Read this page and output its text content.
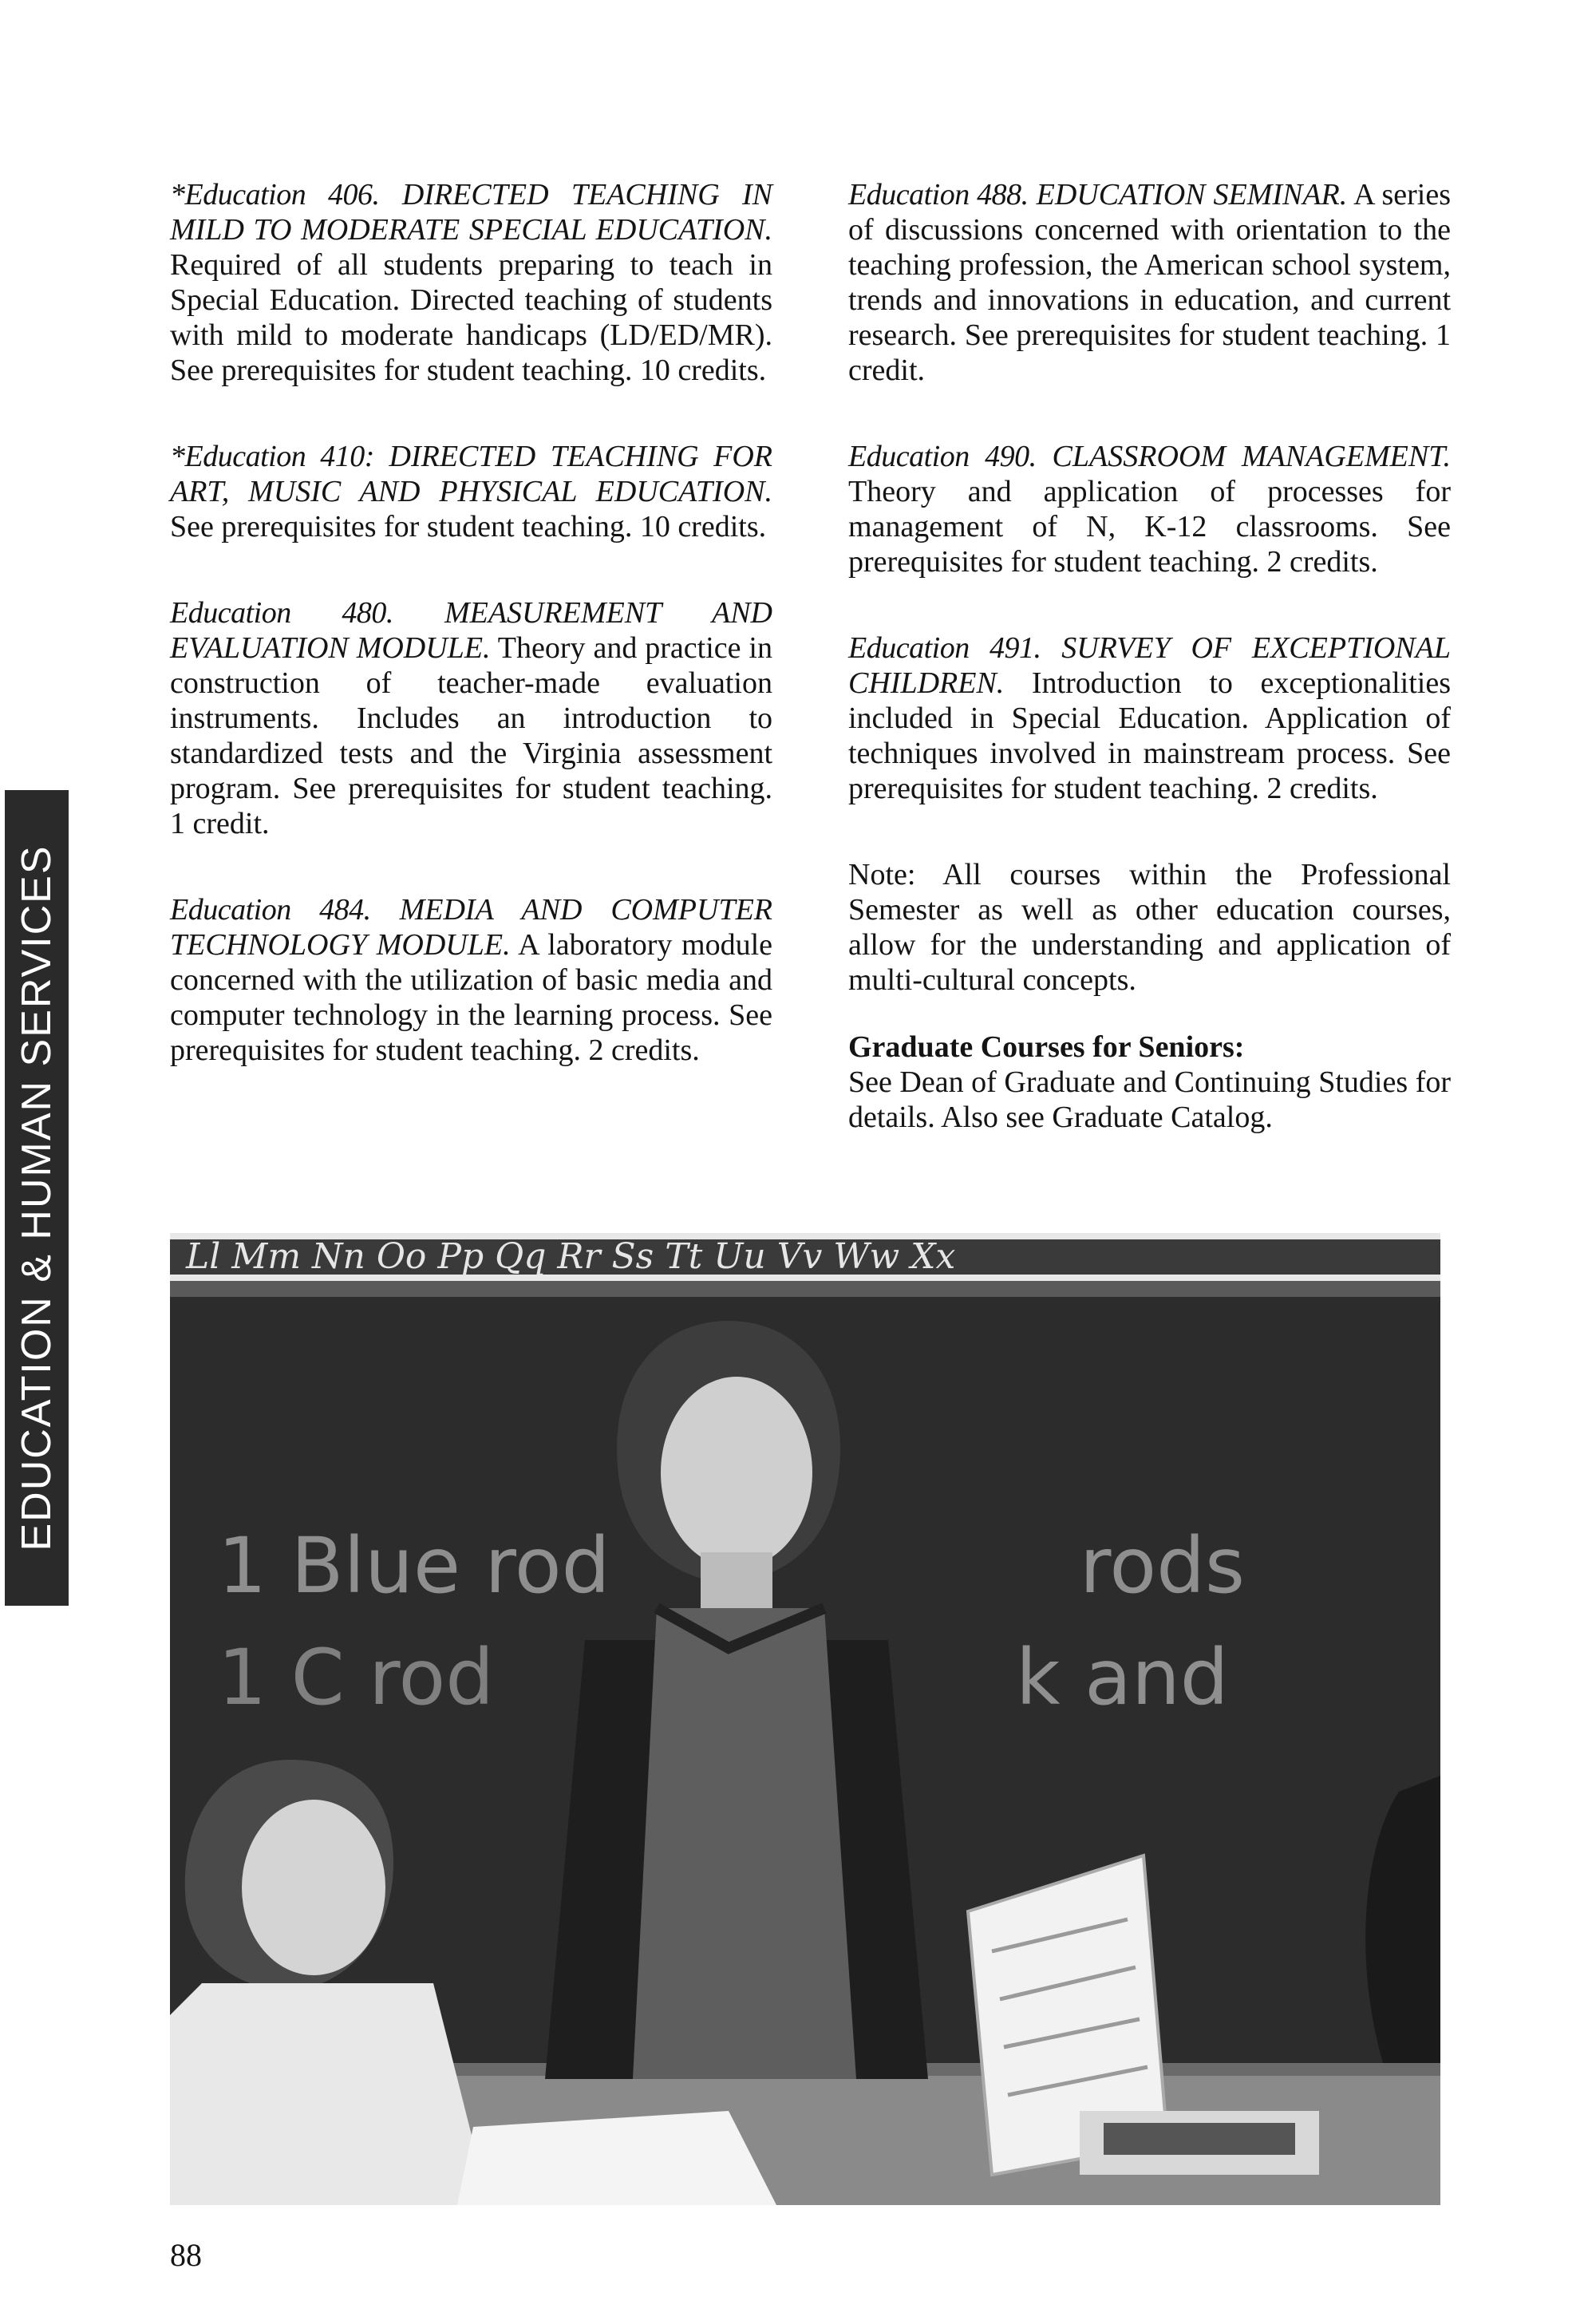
EDUCATION & HUMAN SERVICES

*Education 406. DIRECTED TEACHING IN MILD TO MODERATE SPECIAL EDUCATION. Required of all students preparing to teach in Special Education. Directed teaching of students with mild to moderate handicaps (LD/ED/MR). See prerequisites for student teaching. 10 credits.

*Education 410: DIRECTED TEACHING FOR ART, MUSIC AND PHYSICAL EDUCATION. See prerequisites for student teaching. 10 credits.

Education 480. MEASUREMENT AND EVALUATION MODULE. Theory and practice in construction of teacher-made evaluation instruments. Includes an introduction to standardized tests and the Virginia assessment program. See prerequisites for student teaching. 1 credit.

Education 484. MEDIA AND COMPUTER TECHNOLOGY MODULE. A laboratory module concerned with the utilization of basic media and computer technology in the learning process. See prerequisites for student teaching. 2 credits.

Education 488. EDUCATION SEMINAR. A series of discussions concerned with orientation to the teaching profession, the American school system, trends and innovations in education, and current research. See prerequisites for student teaching. 1 credit.

Education 490. CLASSROOM MANAGEMENT. Theory and application of processes for management of N, K-12 classrooms. See prerequisites for student teaching. 2 credits.

Education 491. SURVEY OF EXCEPTIONAL CHILDREN. Introduction to exceptionalities included in Special Education. Application of techniques involved in mainstream process. See prerequisites for student teaching. 2 credits.

Note: All courses within the Professional Semester as well as other education courses, allow for the understanding and application of multi-cultural concepts.

Graduate Courses for Seniors:

See Dean of Graduate and Continuing Studies for details. Also see Graduate Catalog.

Ll Mm Nn Oo Pp Qq Rr Ss Tt Uu Vv Ww Xx
1 Blue rod
1 C rod
rods
k and
88
